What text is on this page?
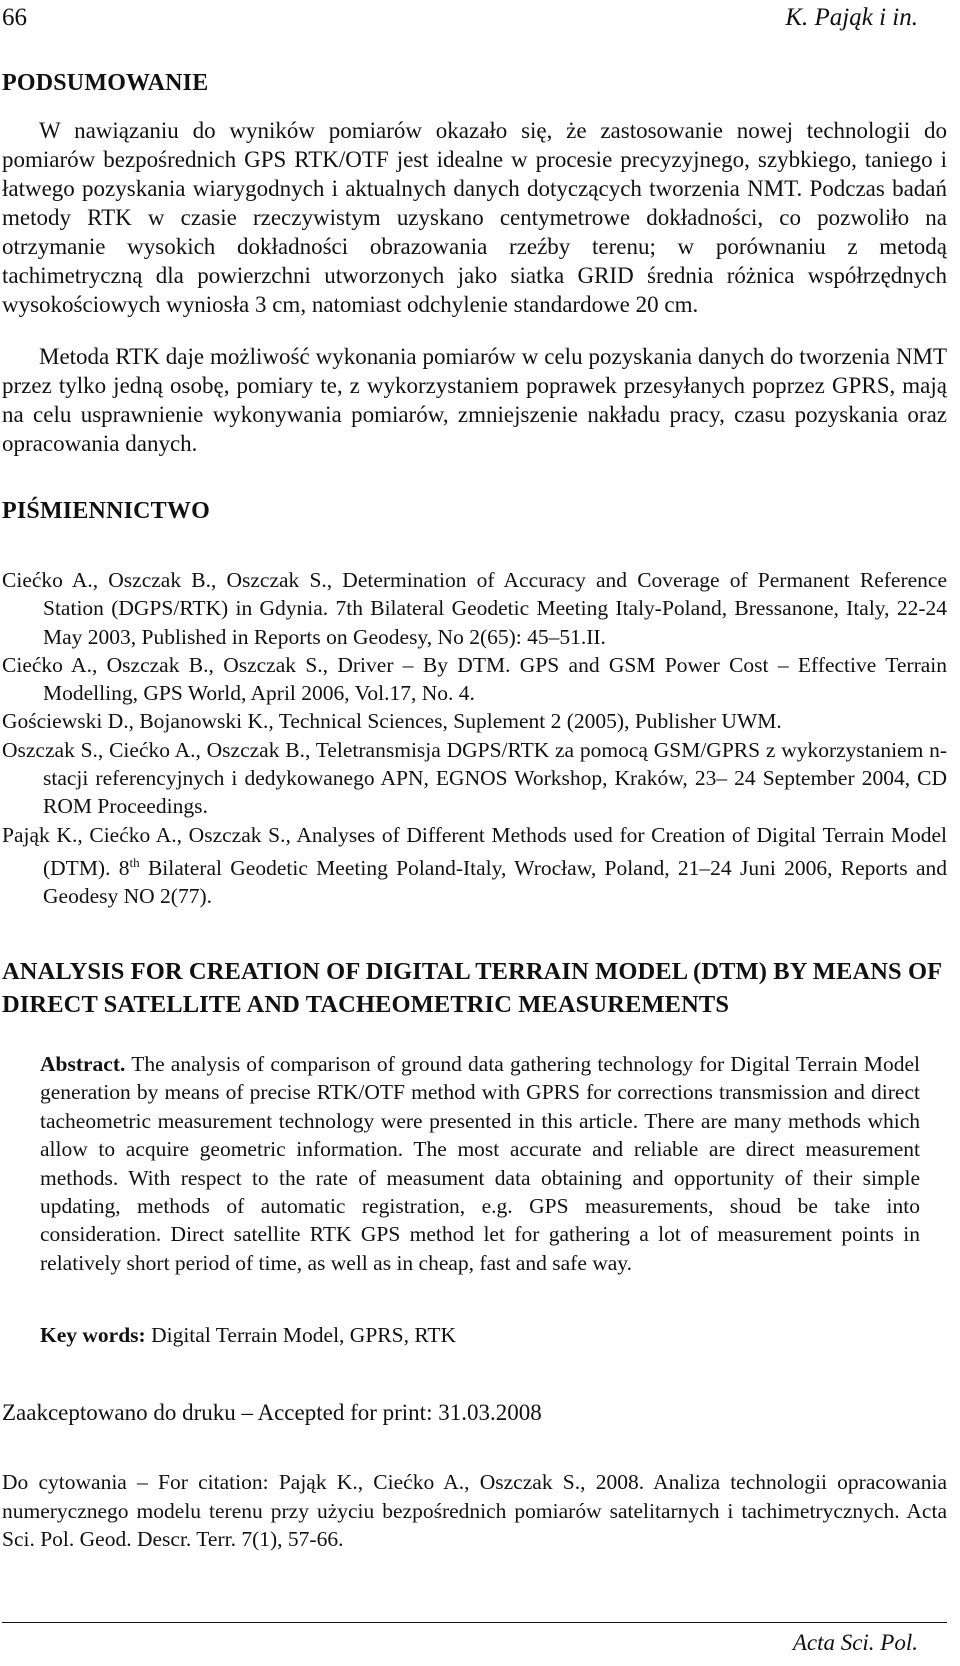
66	K. Pająk i in.
PODSUMOWANIE

W nawiązaniu do wyników pomiarów okazało się, że zastosowanie nowej technologii do pomiarów bezpośrednich GPS RTK/OTF jest idealne w procesie precyzyjnego, szybkiego, taniego i łatwego pozyskania wiarygodnych i aktualnych danych dotyczących tworzenia NMT. Podczas badań metody RTK w czasie rzeczywistym uzyskano centymetrowe dokładności, co pozwoliło na otrzymanie wysokich dokładności obrazowania rzeźby terenu; w porównaniu z metodą tachimetryczną dla powierzchni utworzonych jako siatka GRID średnia różnica współrzędnych wysokościowych wyniosła 3 cm, natomiast odchylenie standardowe 20 cm.

Metoda RTK daje możliwość wykonania pomiarów w celu pozyskania danych do tworzenia NMT przez tylko jedną osobę, pomiary te, z wykorzystaniem poprawek przesyłanych poprzez GPRS, mają na celu usprawnienie wykonywania pomiarów, zmniejszenie nakładu pracy, czasu pozyskania oraz opracowania danych.

PIŚMIENNICTWO

Ciećko A., Oszczak B., Oszczak S., Determination of Accuracy and Coverage of Permanent Reference Station (DGPS/RTK) in Gdynia. 7th Bilateral Geodetic Meeting Italy-Poland, Bressanone, Italy, 22-24 May 2003, Published in Reports on Geodesy, No 2(65): 45–51.II.

Ciećko A., Oszczak B., Oszczak S., Driver – By DTM. GPS and GSM Power Cost – Effective Terrain Modelling, GPS World, April 2006, Vol.17, No. 4.

Gościewski D., Bojanowski K., Technical Sciences, Suplement 2 (2005), Publisher UWM.

Oszczak S., Ciećko A., Oszczak B., Teletransmisja DGPS/RTK za pomocą GSM/GPRS z wykorzystaniem n-stacji referencyjnych i dedykowanego APN, EGNOS Workshop, Kraków, 23– 24 September 2004, CD ROM Proceedings.

Pająk K., Ciećko A., Oszczak S., Analyses of Different Methods used for Creation of Digital Terrain Model (DTM). 8th Bilateral Geodetic Meeting Poland-Italy, Wrocław, Poland, 21–24 Juni 2006, Reports and Geodesy NO 2(77).

ANALYSIS FOR CREATION OF DIGITAL TERRAIN MODEL (DTM) BY MEANS OF DIRECT SATELLITE AND TACHEOMETRIC MEASUREMENTS

Abstract. The analysis of comparison of ground data gathering technology for Digital Terrain Model generation by means of precise RTK/OTF method with GPRS for corrections transmission and direct tacheometric measurement technology were presented in this article. There are many methods which allow to acquire geometric information. The most accurate and reliable are direct measurement methods. With respect to the rate of measument data obtaining and opportunity of their simple updating, methods of automatic registration, e.g. GPS measurements, shoud be take into consideration. Direct satellite RTK GPS method let for gathering a lot of measurement points in relatively short period of time, as well as in cheap, fast and safe way.

Key words: Digital Terrain Model, GPRS, RTK
Zaakceptowano do druku – Accepted for print: 31.03.2008

Do cytowania – For citation: Pająk K., Ciećko A., Oszczak S., 2008. Analiza technologii opracowania numerycznego modelu terenu przy użyciu bezpośrednich pomiarów satelitarnych i tachimetrycznych. Acta Sci. Pol. Geod. Descr. Terr. 7(1), 57-66.

Acta Sci. Pol.
